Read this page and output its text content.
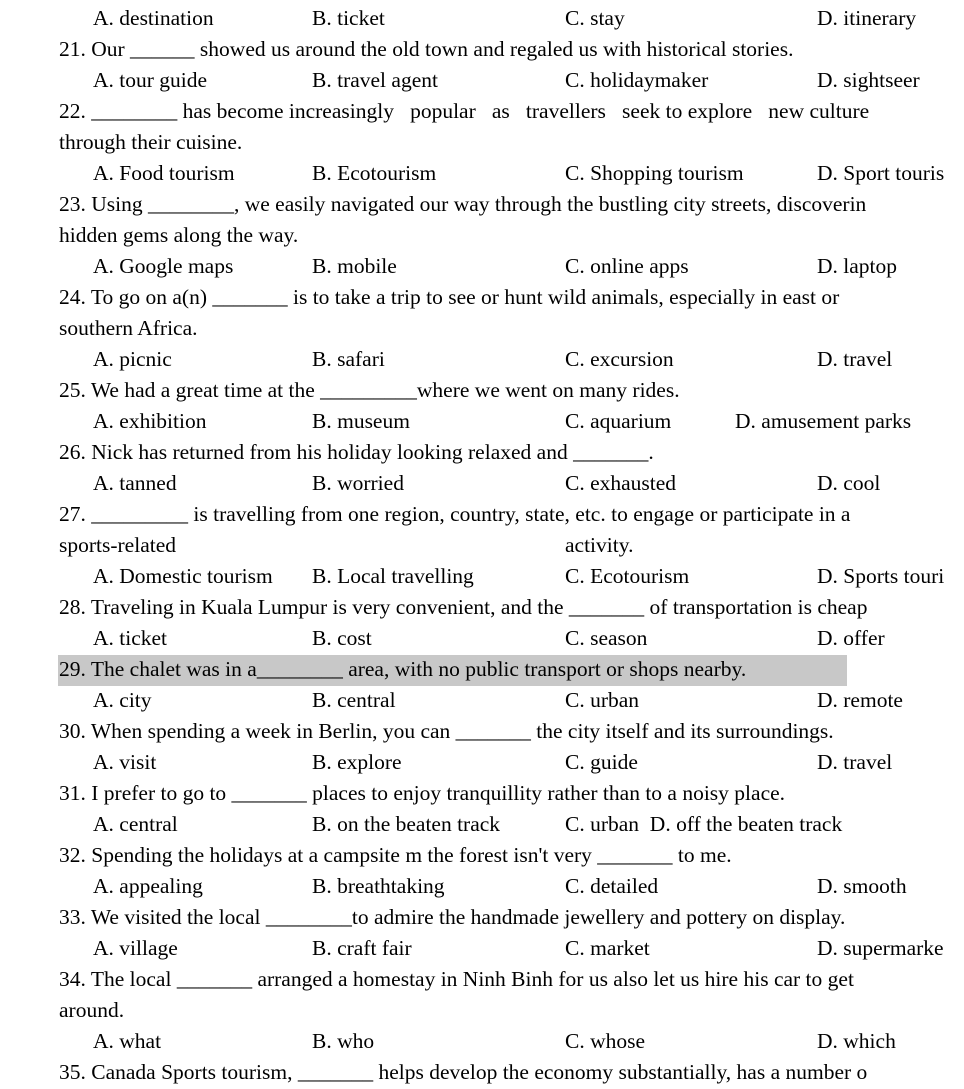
A. destination	B. ticket	C. stay	D. itinerary
21. Our ______ showed us around the old town and regaled us with historical stories.
A. tour guide	B. travel agent	C. holidaymaker	D. sightseer
22. ________ has become increasingly   popular   as   travellers   seek to explore   new culture
through their cuisine.
A. Food tourism	B. Ecotourism	C. Shopping tourism	D. Sport touris
23. Using ________, we easily navigated our way through the bustling city streets, discoverin
hidden gems along the way.
A. Google maps	B. mobile	C. online apps	D. laptop
24. To go on a(n) _______ is to take a trip to see or hunt wild animals, especially in east or
southern Africa.
A. picnic	B. safari	C. excursion	D. travel
25. We had a great time at the _________where we went on many rides.
A. exhibition	B. museum	C. aquarium	D. amusement parks
26. Nick has returned from his holiday looking relaxed and _______.
A. tanned	B. worried	C. exhausted	D. cool
27. _________ is travelling from one region, country, state, etc. to engage or participate in a
sports-related	activity.
A. Domestic tourism B. Local travelling	C. Ecotourism	D. Sports touri
28. Traveling in Kuala Lumpur is very convenient, and the _______ of transportation is cheap
A. ticket	B. cost	C. season	D. offer
29. The chalet was in a________ area, with no public transport or shops nearby.
A. city	B. central	C. urban	D. remote
30. When spending a week in Berlin, you can _______ the city itself and its surroundings.
A. visit	B. explore	C. guide	D. travel
31. I prefer to go to _______ places to enjoy tranquillity rather than to a noisy place.
A. central	B. on the beaten track	C. urban  D. off the beaten track
32. Spending the holidays at a campsite m the forest isn't very _______ to me.
A. appealing	B. breathtaking	C. detailed	D. smooth
33. We visited the local ________to admire the handmade jewellery and pottery on display.
A. village	B. craft fair	C. market	D. supermarke
34. The local _______ arranged a homestay in Ninh Binh for us also let us hire his car to get
around.
A. what	B. who	C. whose	D. which
35. Canada Sports tourism, _______ helps develop the economy substantially, has a number o
